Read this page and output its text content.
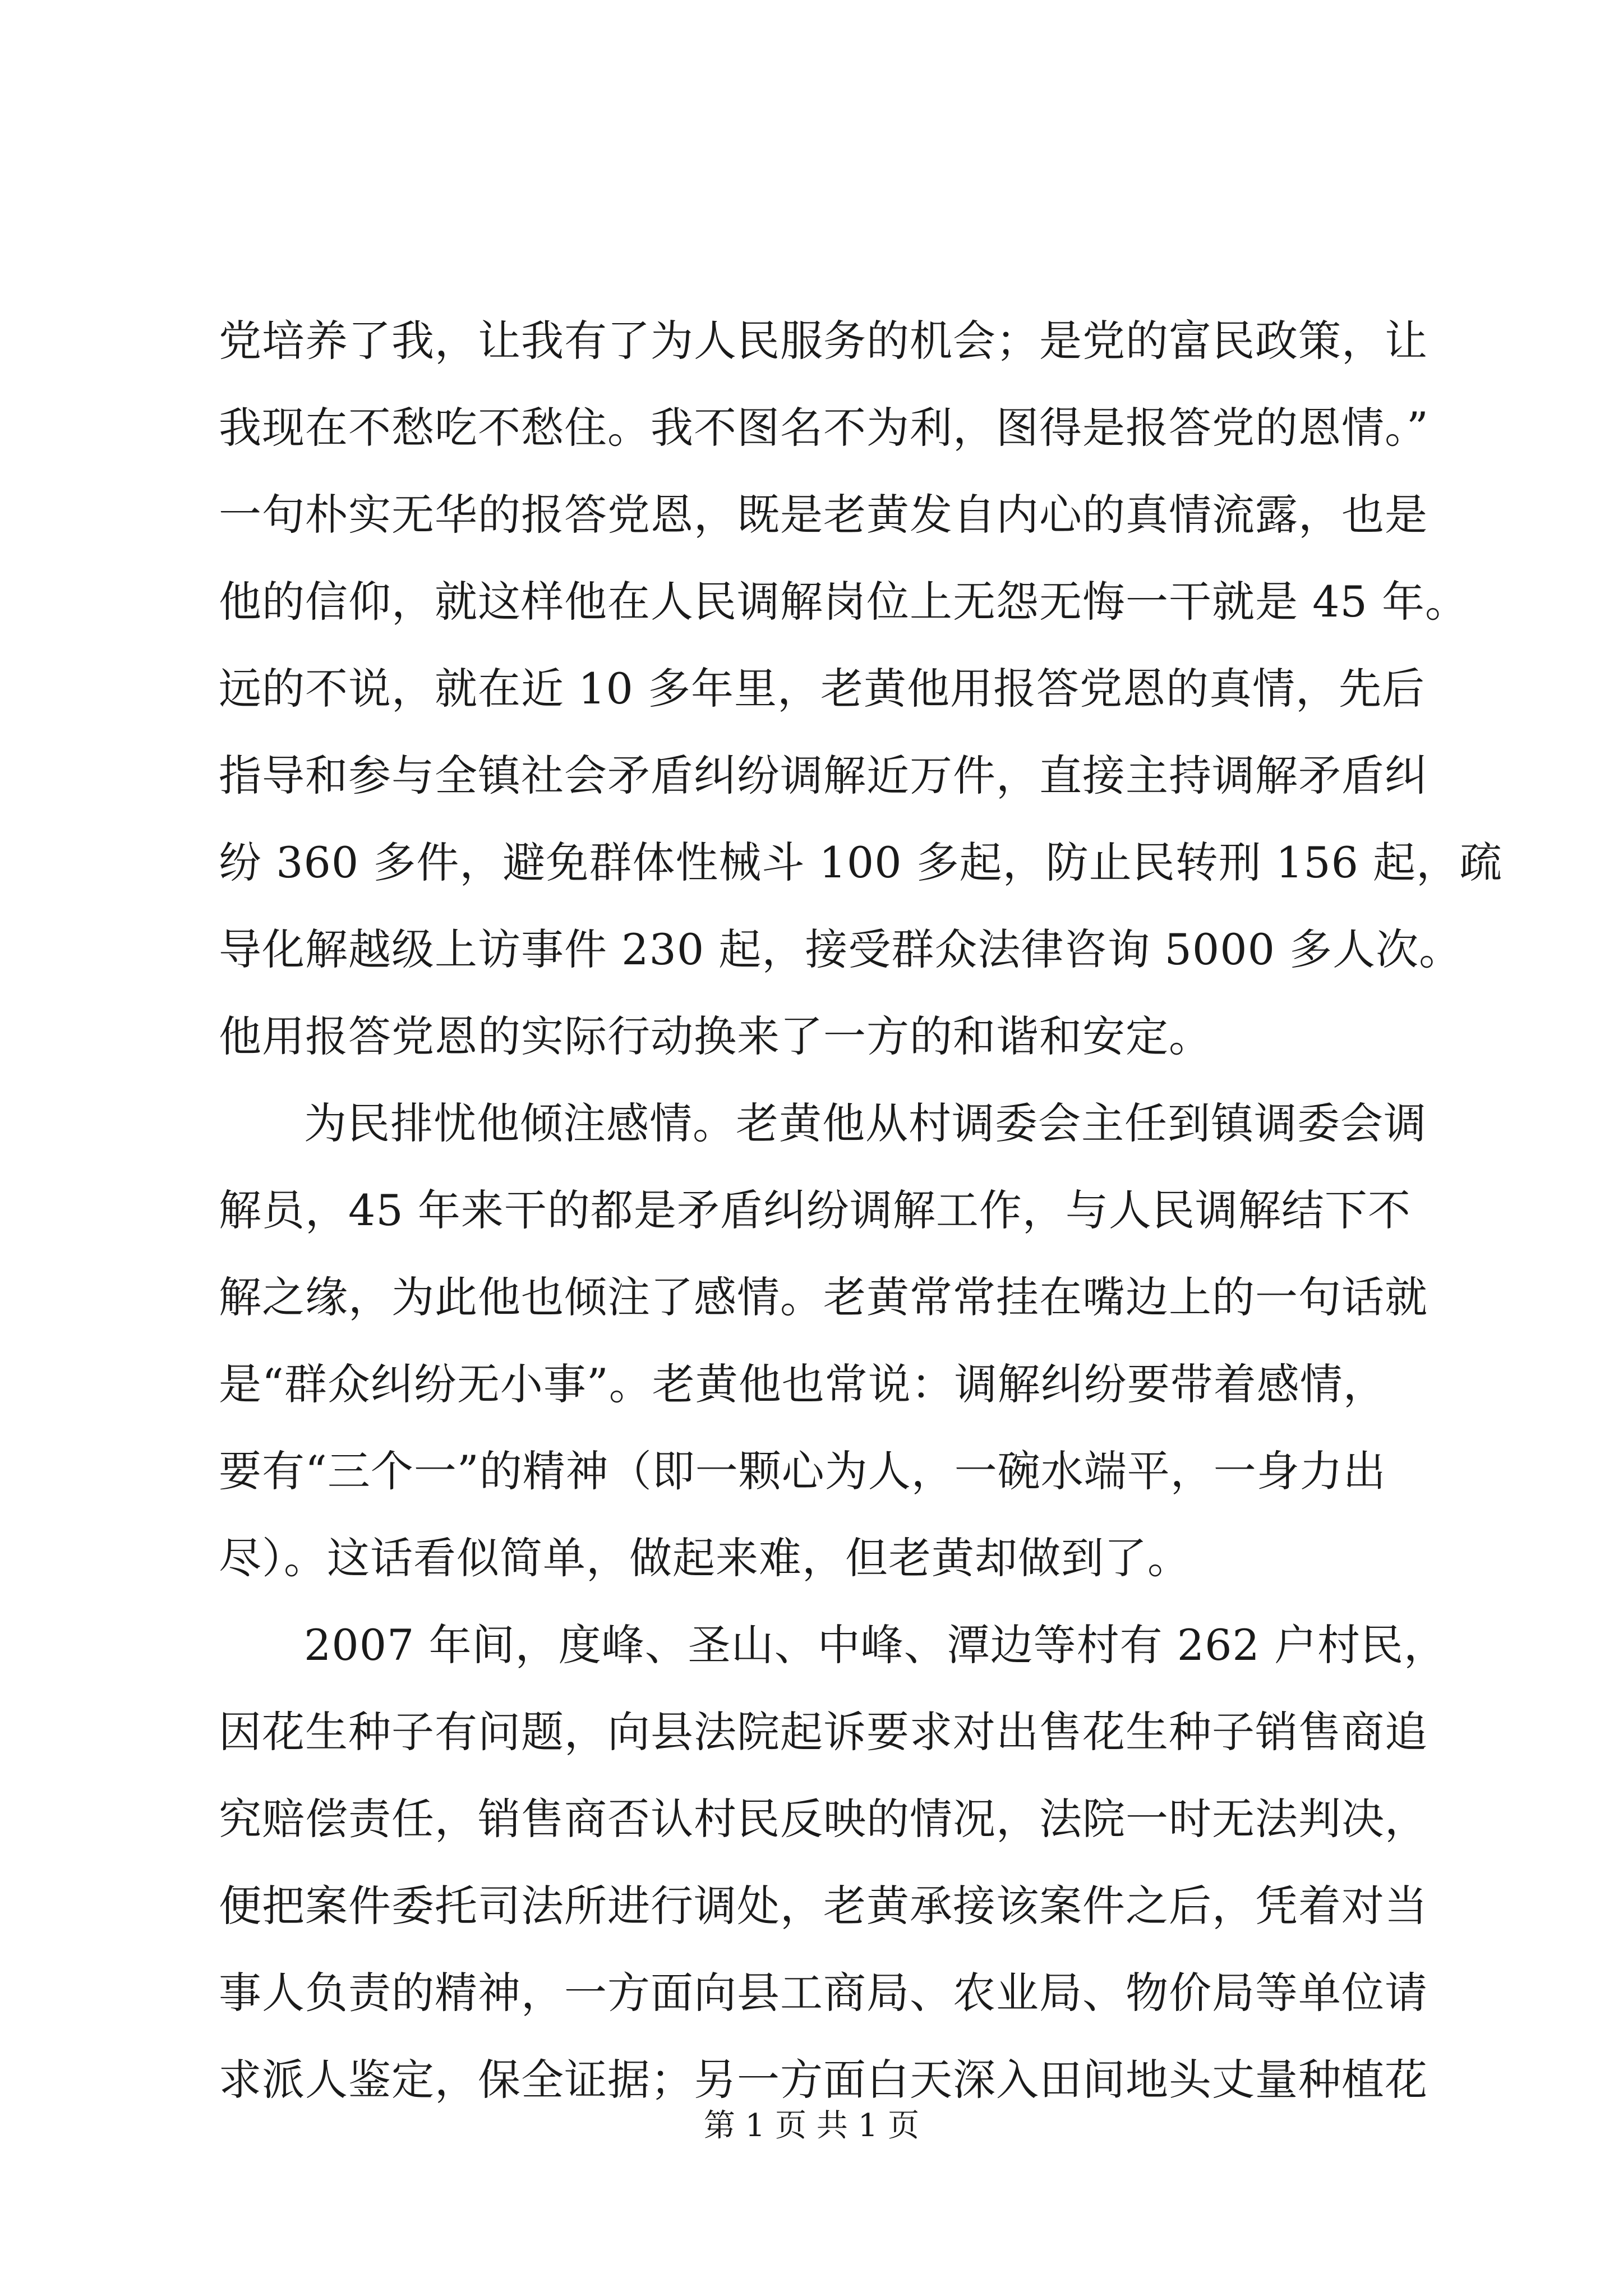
党培养了我，让我有了为人民服务的机会；是党的富民政策，让
我现在不愁吃不愁住。我不图名不为利，图得是报答党的恩情。”
一句朴实无华的报答党恩，既是老黄发自内心的真情流露，也是
他的信仰，就这样他在人民调解岗位上无怨无悔一干就是 45 年。
远的不说，就在近 10 多年里，老黄他用报答党恩的真情，先后
指导和参与全镇社会矛盾纠纷调解近万件，直接主持调解矛盾纠
纷 360 多件，避免群体性械斗 100 多起，防止民转刑 156 起，疏
导化解越级上访事件 230 起，接受群众法律咨询 5000 多人次。
他用报答党恩的实际行动换来了一方的和谐和安定。
为民排忧他倾注感情。老黄他从村调委会主任到镇调委会调
解员，45 年来干的都是矛盾纠纷调解工作，与人民调解结下不
解之缘，为此他也倾注了感情。老黄常常挂在嘴边上的一句话就
是“群众纠纷无小事”。老黄他也常说：调解纠纷要带着感情，
要有“三个一”的精神（即一颗心为人，一碗水端平，一身力出
尽）。这话看似简单，做起来难，但老黄却做到了。
2007 年间，度峰、圣山、中峰、潭边等村有 262 户村民，
因花生种子有问题，向县法院起诉要求对出售花生种子销售商追
究赔偿责任，销售商否认村民反映的情况，法院一时无法判决，
便把案件委托司法所进行调处，老黄承接该案件之后，凭着对当
事人负责的精神，一方面向县工商局、农业局、物价局等单位请
求派人鉴定，保全证据；另一方面白天深入田间地头丈量种植花
第 1 页 共 1 页
